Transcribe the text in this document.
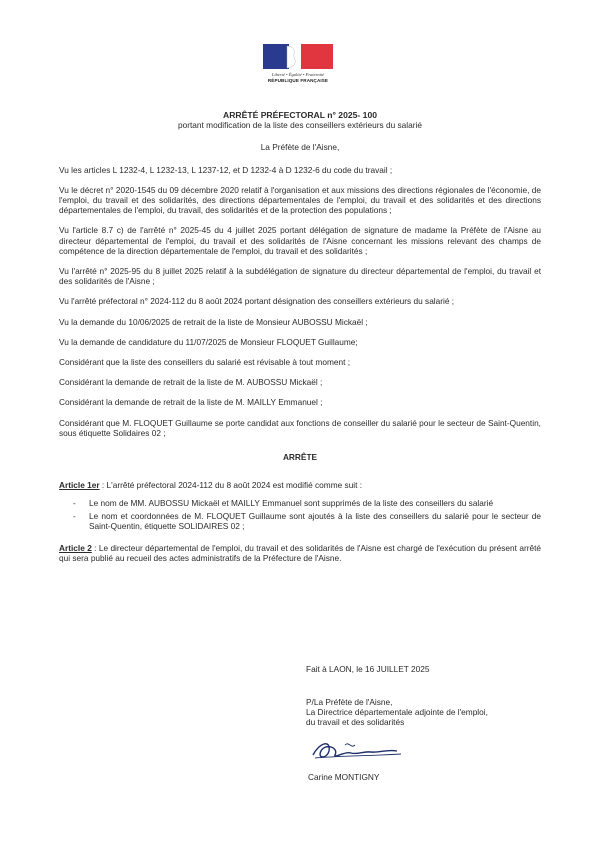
Liberté • Égalité • Fraternité
RÉPUBLIQUE FRANÇAISE

ARRÊTÉ PRÉFECTORAL n° 2025- 100

portant modification de la liste des conseillers extérieurs du salarié

La Préfète de l'Aisne,

Vu les articles L 1232-4, L 1232-13, L 1237-12, et D 1232-4 à D 1232-6 du code du travail ;

Vu le décret n° 2020-1545 du 09 décembre 2020 relatif à l'organisation et aux missions des directions régionales de l'économie, de l'emploi, du travail et des solidarités, des directions départementales de l'emploi, du travail et des solidarités et des directions départementales de l'emploi, du travail, des solidarités et de la protection des populations ;

Vu l'article 8.7 c) de l'arrêté n° 2025-45 du 4 juillet 2025 portant délégation de signature de madame la Préfète de l'Aisne au directeur départemental de l'emploi, du travail et des solidarités de l'Aisne concernant les missions relevant des champs de compétence de la direction départementale de l'emploi, du travail et des solidarités ;

Vu l'arrêté n° 2025-95 du 8 juillet 2025 relatif à la subdélégation de signature du directeur départemental de l'emploi, du travail et des solidarités de l'Aisne ;

Vu l'arrêté préfectoral n° 2024-112 du 8 août 2024 portant désignation des conseillers extérieurs du salarié ;

Vu la demande du 10/06/2025 de retrait de la liste de Monsieur AUBOSSU Mickaël ;

Vu la demande de candidature du 11/07/2025 de Monsieur FLOQUET Guillaume;

Considérant que la liste des conseillers du salarié est révisable à tout moment ;

Considérant la demande de retrait de la liste de M. AUBOSSU Mickaël ;

Considérant la demande de retrait de la liste de M. MAILLY Emmanuel ;

Considérant que M. FLOQUET Guillaume se porte candidat aux fonctions de conseiller du salarié pour le secteur de Saint-Quentin, sous étiquette Solidaires 02 ;

ARRÊTE

Article 1er : L'arrêté préfectoral 2024-112 du 8 août 2024 est modifié comme suit :

- Le nom de MM. AUBOSSU Mickaël et MAILLY Emmanuel sont supprimés de la liste des conseillers du salarié
- Le nom et coordonnées de M. FLOQUET Guillaume sont ajoutés à la liste des conseillers du salarié pour le secteur de Saint-Quentin, étiquette SOLIDAIRES 02 ;

Article 2 : Le directeur départemental de l'emploi, du travail et des solidarités de l'Aisne est chargé de l'exécution du présent arrêté qui sera publié au recueil des actes administratifs de la Préfecture de l'Aisne.

Fait à LAON, le 16 JUILLET 2025
P/La Préfète de l'Aisne,
La Directrice départementale adjointe de l'emploi,
du travail et des solidarités
Carine MONTIGNY
